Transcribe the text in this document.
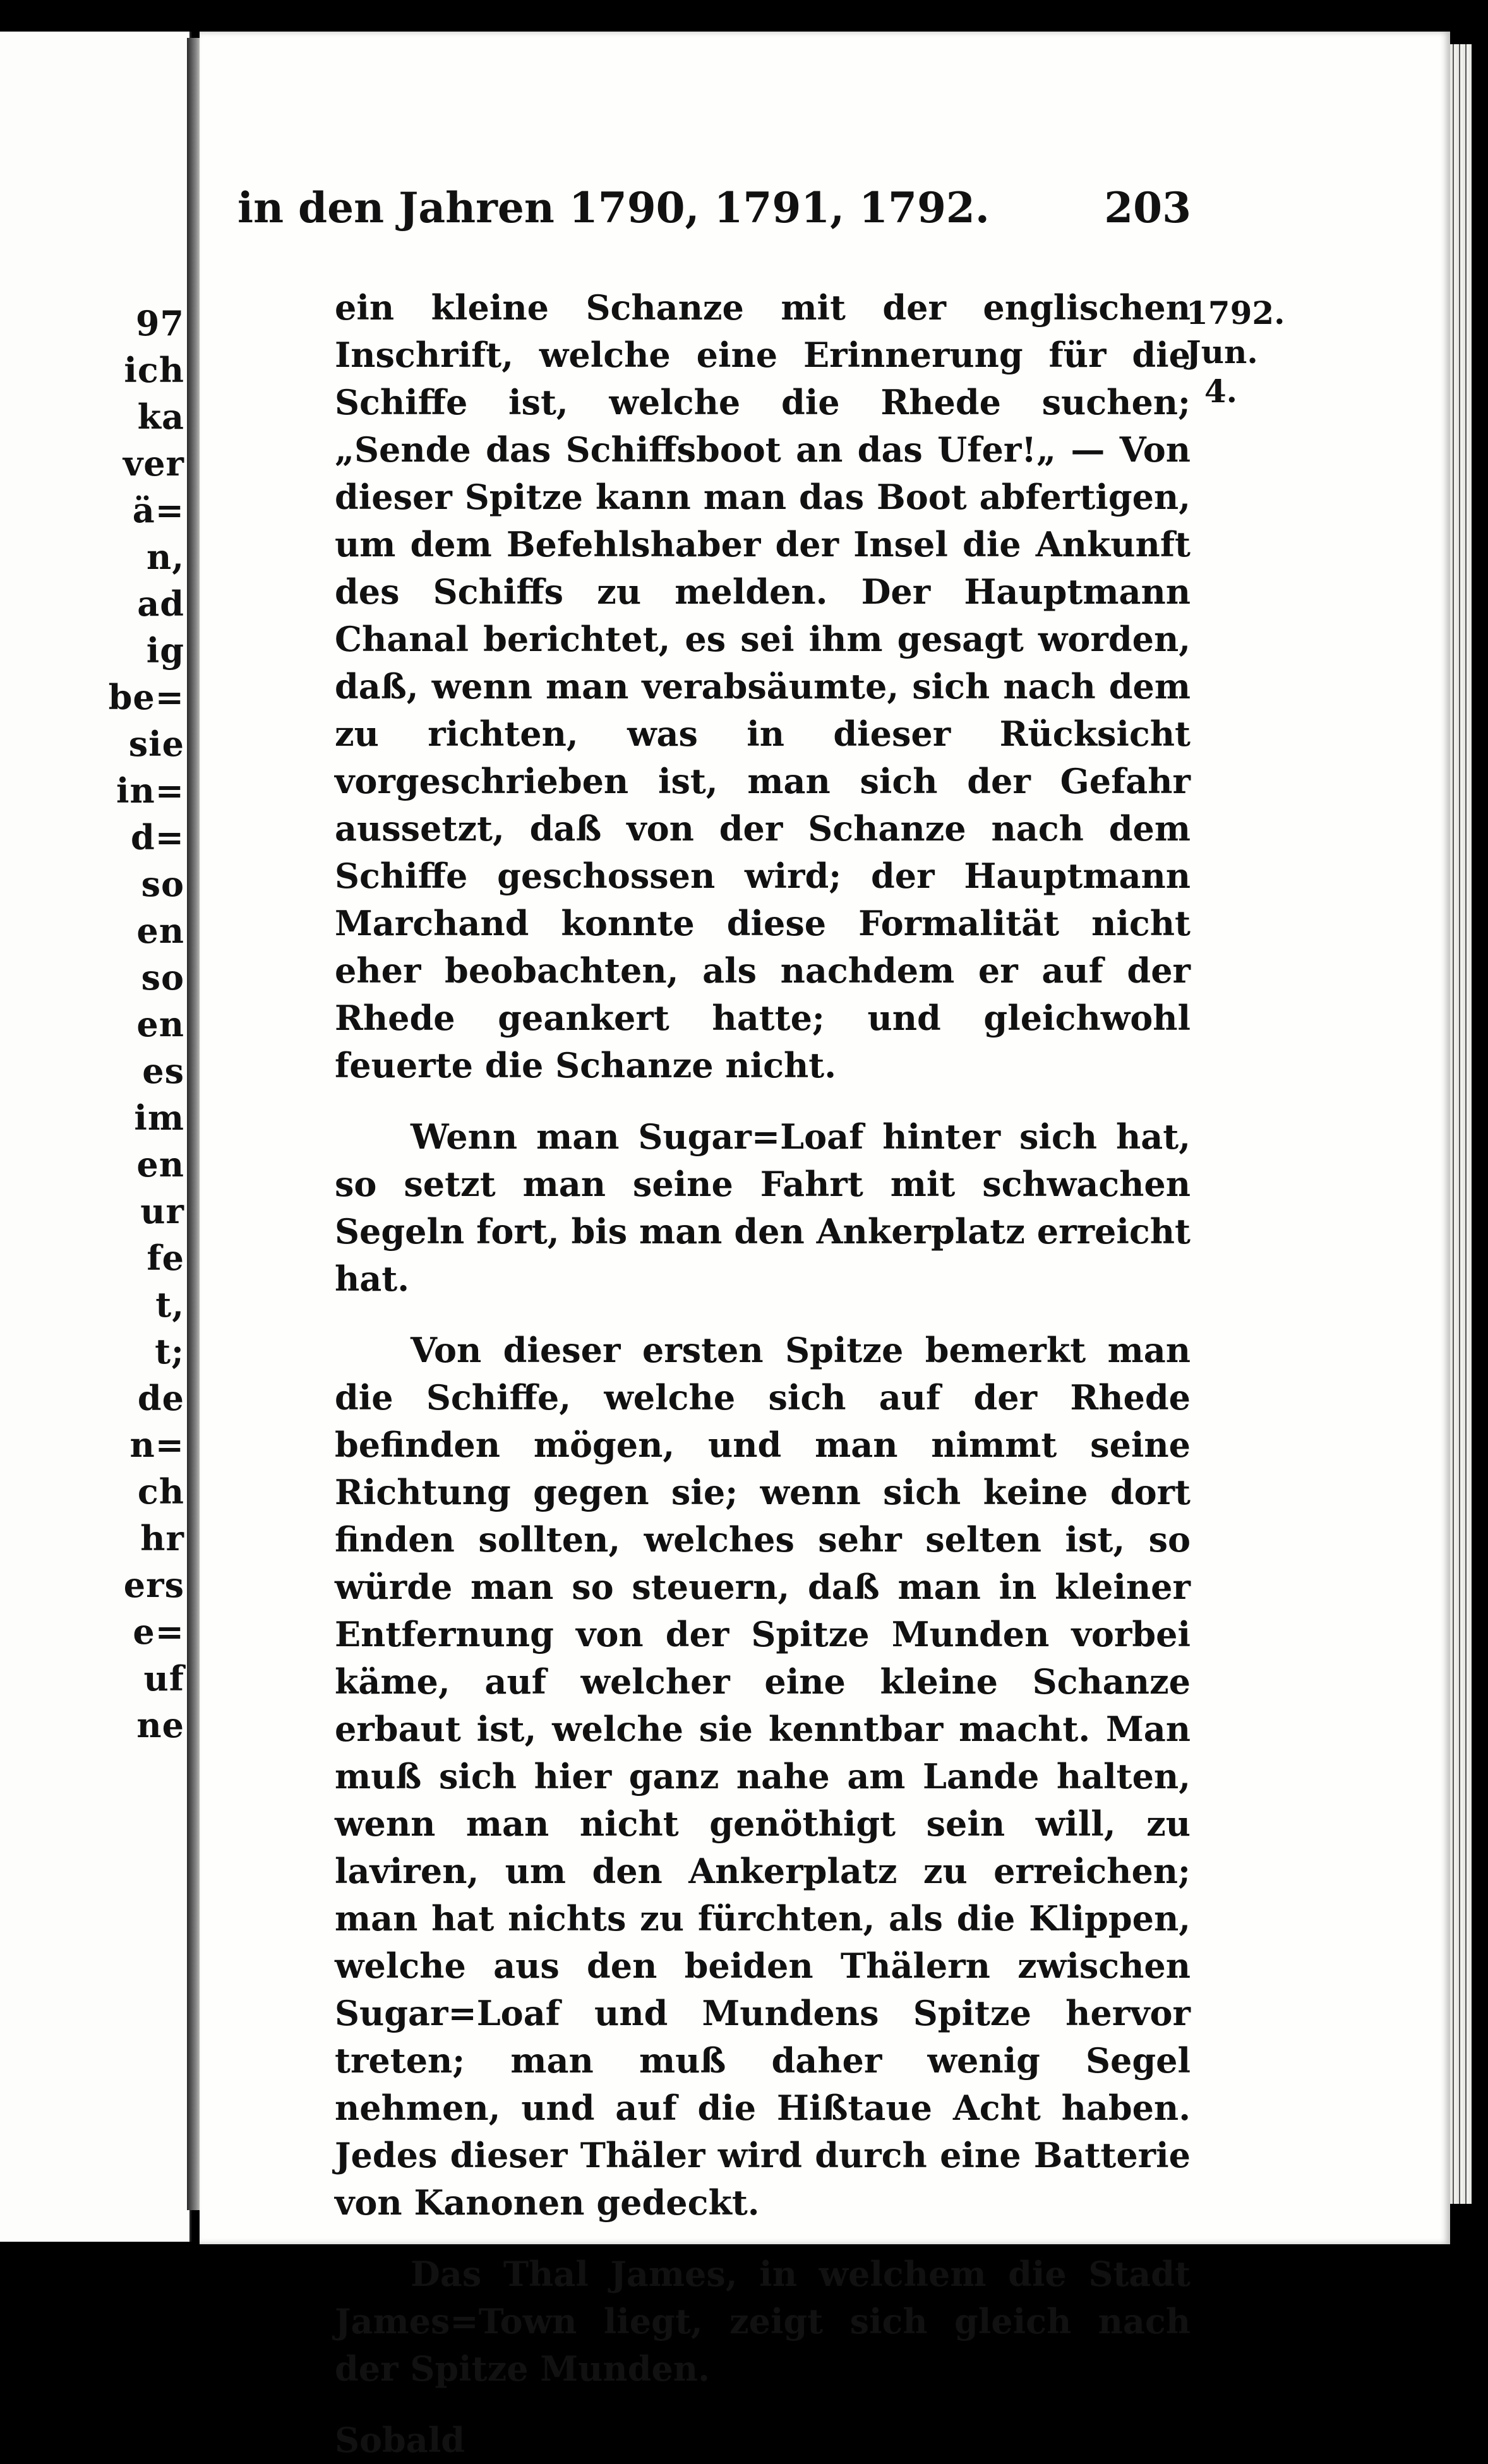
97
ich
ka
ver
ä=
n,
ad
ig
be=
sie
in=
d=
so
en
so
en
es
im
en
ur
fe
t,
t;
de
n=
ch
hr
ers
e=
uf
ne
in den Jahren 1790, 1791, 1792.	203
1792.
Jun.
4.

ein kleine Schanze mit der englischen Inschrift, welche eine Erinnerung für die Schiffe ist, welche die Rhede suchen; „Sende das Schiffsboot an das Ufer!„ — Von dieser Spitze kann man das Boot abfertigen, um dem Befehlshaber der Insel die Ankunft des Schiffs zu melden. Der Hauptmann Chanal berichtet, es sei ihm gesagt worden, daß, wenn man verabsäumte, sich nach dem zu richten, was in dieser Rücksicht vorgeschrieben ist, man sich der Gefahr aussetzt, daß von der Schanze nach dem Schiffe geschossen wird; der Hauptmann Marchand konnte diese Formalität nicht eher beobachten, als nachdem er auf der Rhede geankert hatte; und gleichwohl feuerte die Schanze nicht.

Wenn man Sugar=Loaf hinter sich hat, so setzt man seine Fahrt mit schwachen Segeln fort, bis man den Ankerplatz erreicht hat.

Von dieser ersten Spitze bemerkt man die Schiffe, welche sich auf der Rhede befinden mögen, und man nimmt seine Richtung gegen sie; wenn sich keine dort finden sollten, welches sehr selten ist, so würde man so steuern, daß man in kleiner Entfernung von der Spitze Munden vorbei käme, auf welcher eine kleine Schanze erbaut ist, welche sie kenntbar macht. Man muß sich hier ganz nahe am Lande halten, wenn man nicht genöthigt sein will, zu laviren, um den Ankerplatz zu erreichen; man hat nichts zu fürchten, als die Klippen, welche aus den beiden Thälern zwischen Sugar=Loaf und Mundens Spitze hervor treten; man muß daher wenig Segel nehmen, und auf die Hißtaue Acht haben. Jedes dieser Thäler wird durch eine Batterie von Kanonen gedeckt.

Das Thal James, in welchem die Stadt James=Town liegt, zeigt sich gleich nach der Spitze Munden.

Sobald
